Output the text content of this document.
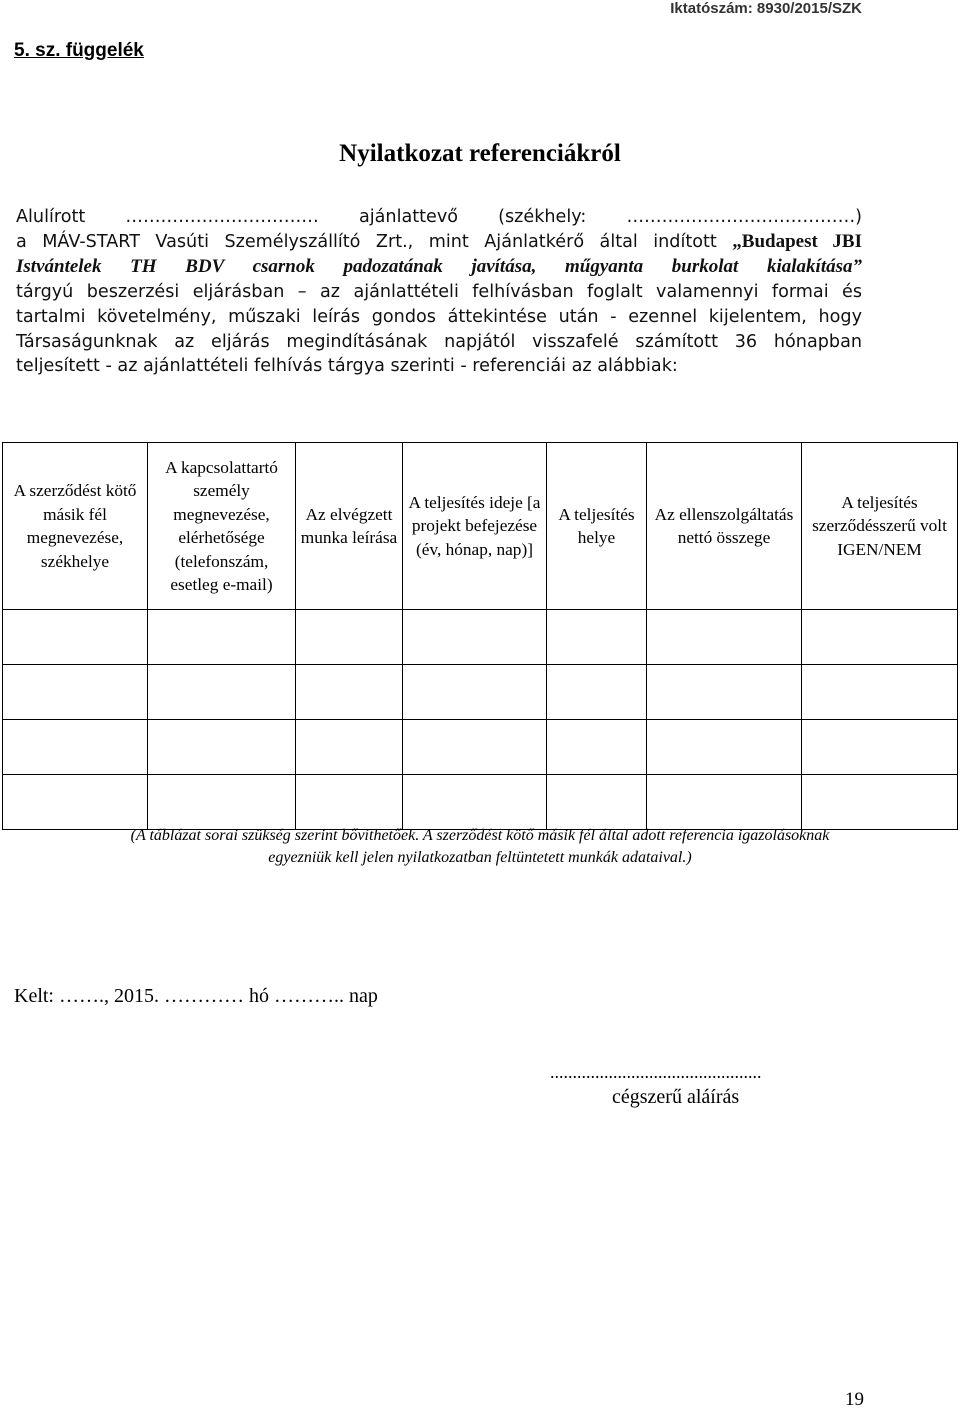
Iktatószám: 8930/2015/SZK
5. sz. függelék
Nyilatkozat referenciákról

Alulírott …………………………… ajánlattevő (székhely: …………………………………)

a MÁV-START Vasúti Személyszállító Zrt., mint Ajánlatkérő által indított „Budapest JBI

Istvántelek TH BDV csarnok padozatának javítása, műgyanta burkolat kialakítása”

tárgyú beszerzési eljárásban – az ajánlattételi felhívásban foglalt valamennyi formai és

tartalmi követelmény, műszaki leírás gondos áttekintése után - ezennel kijelentem, hogy

Társaságunknak az eljárás megindításának napjától visszafelé számított 36 hónapban

teljesített - az ajánlattételi felhívás tárgya szerinti - referenciái az alábbiak:

A szerződést kötő másik fél megnevezése, székhelye	A kapcsolattartó személy megnevezése, elérhetősége (telefonszám, esetleg e-mail)	Az elvégzett munka leírása	A teljesítés ideje [a projekt befejezése (év, hónap, nap)]	A teljesítés helye	Az ellenszolgáltatás nettó összege	A teljesítés szerződésszerű volt IGEN/NEM

(A táblázat sorai szükség szerint bővíthetőek. A szerződést kötő másik fél által adott referencia igazolásoknak
egyezniük kell jelen nyilatkozatban feltüntetett munkák adataival.)
Kelt: ……., 2015. ………… hó ……….. nap
...............................................
cégszerű aláírás
19
